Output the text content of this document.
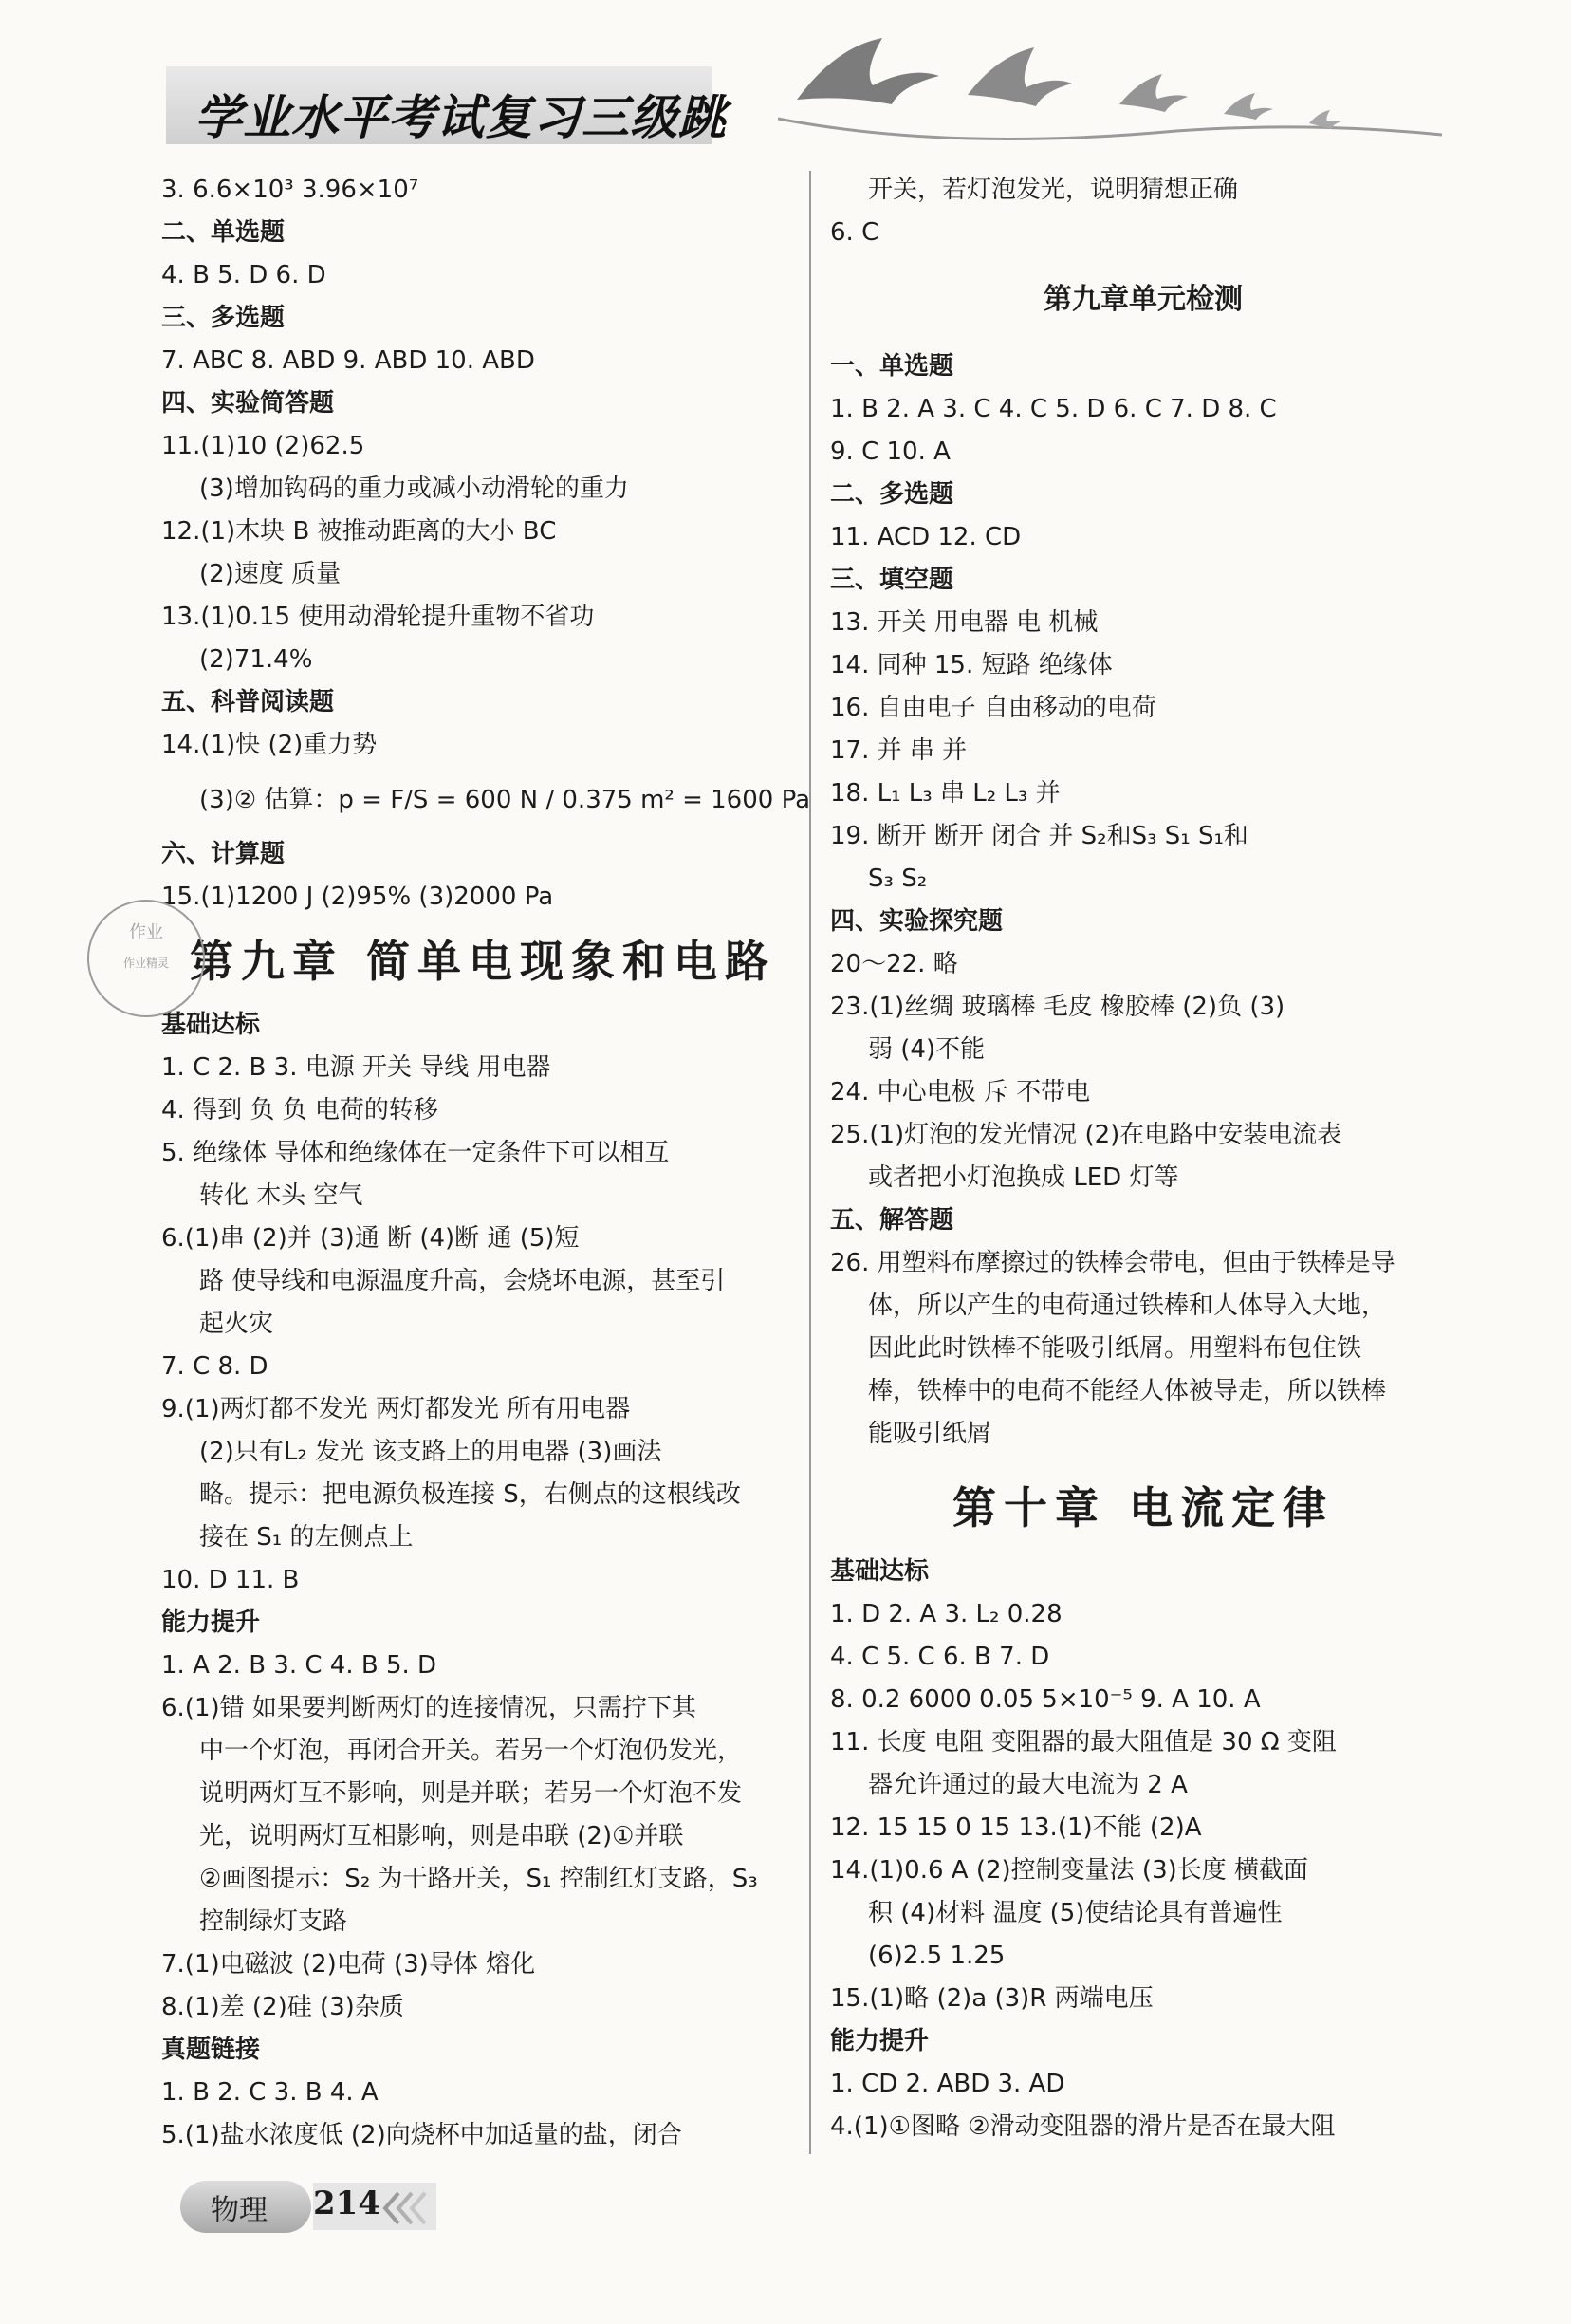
学业水平考试复习三级跳
3. 6.6×10³ 3.96×10⁷
二、单选题
4. B 5. D 6. D
三、多选题
7. ABC 8. ABD 9. ABD 10. ABD
四、实验简答题
11.(1)10 (2)62.5
(3)增加钩码的重力或减小动滑轮的重力
12.(1)木块 B 被推动距离的大小 BC
(2)速度 质量
13.(1)0.15 使用动滑轮提升重物不省功
(2)71.4%
五、科普阅读题
14.(1)快 (2)重力势
(3)② 估算：p = F/S = 600 N / 0.375 m² = 1600 Pa
六、计算题
15.(1)1200 J (2)95% (3)2000 Pa
第九章 简单电现象和电路
基础达标
1. C 2. B 3. 电源 开关 导线 用电器
4. 得到 负 负 电荷的转移
5. 绝缘体 导体和绝缘体在一定条件下可以相互
转化 木头 空气
6.(1)串 (2)并 (3)通 断 (4)断 通 (5)短
路 使导线和电源温度升高，会烧坏电源，甚至引
起火灾
7. C 8. D
9.(1)两灯都不发光 两灯都发光 所有用电器
(2)只有L₂ 发光 该支路上的用电器 (3)画法
略。提示：把电源负极连接 S，右侧点的这根线改
接在 S₁ 的左侧点上
10. D 11. B
能力提升
1. A 2. B 3. C 4. B 5. D
6.(1)错 如果要判断两灯的连接情况，只需拧下其
中一个灯泡，再闭合开关。若另一个灯泡仍发光，
说明两灯互不影响，则是并联；若另一个灯泡不发
光，说明两灯互相影响，则是串联 (2)①并联
②画图提示：S₂ 为干路开关，S₁ 控制红灯支路，S₃
控制绿灯支路
7.(1)电磁波 (2)电荷 (3)导体 熔化
8.(1)差 (2)硅 (3)杂质
真题链接
1. B 2. C 3. B 4. A
5.(1)盐水浓度低 (2)向烧杯中加适量的盐，闭合
开关，若灯泡发光，说明猜想正确
6. C
第九章单元检测
一、单选题
1. B 2. A 3. C 4. C 5. D 6. C 7. D 8. C
9. C 10. A
二、多选题
11. ACD 12. CD
三、填空题
13. 开关 用电器 电 机械
14. 同种 15. 短路 绝缘体
16. 自由电子 自由移动的电荷
17. 并 串 并
18. L₁ L₃ 串 L₂ L₃ 并
19. 断开 断开 闭合 并 S₂和S₃ S₁ S₁和
S₃ S₂
四、实验探究题
20～22. 略
23.(1)丝绸 玻璃棒 毛皮 橡胶棒 (2)负 (3)
弱 (4)不能
24. 中心电极 斥 不带电
25.(1)灯泡的发光情况 (2)在电路中安装电流表
或者把小灯泡换成 LED 灯等
五、解答题
26. 用塑料布摩擦过的铁棒会带电，但由于铁棒是导
体，所以产生的电荷通过铁棒和人体导入大地，
因此此时铁棒不能吸引纸屑。用塑料布包住铁
棒，铁棒中的电荷不能经人体被导走，所以铁棒
能吸引纸屑
第十章 电流定律
基础达标
1. D 2. A 3. L₂ 0.28
4. C 5. C 6. B 7. D
8. 0.2 6000 0.05 5×10⁻⁵ 9. A 10. A
11. 长度 电阻 变阻器的最大阻值是 30 Ω 变阻
器允许通过的最大电流为 2 A
12. 15 15 0 15 13.(1)不能 (2)A
14.(1)0.6 A (2)控制变量法 (3)长度 横截面
积 (4)材料 温度 (5)使结论具有普遍性
(6)2.5 1.25
15.(1)略 (2)a (3)R 两端电压
能力提升
1. CD 2. ABD 3. AD
4.(1)①图略 ②滑动变阻器的滑片是否在最大阻
作业
作业精灵
物理 214
